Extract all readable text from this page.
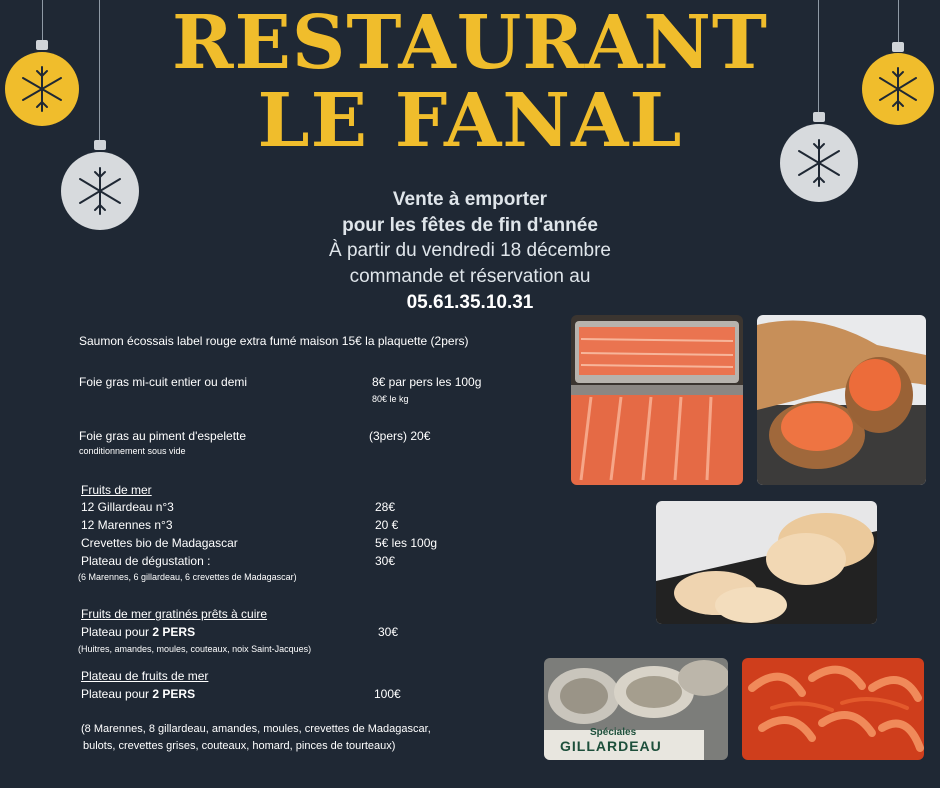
RESTAURANT
LE FANAL
Vente à emporter
pour les fêtes de fin d'année
À partir du vendredi 18 décembre
commande et réservation au
05.61.35.10.31
Saumon écossais label rouge extra fumé maison 15€ la plaquette (2pers)
Foie gras mi-cuit entier ou demi	8€ par pers les 100g
80€ le kg
Foie gras au piment d'espelette	(3pers) 20€
conditionnement sous vide
Fruits de mer
12 Gillardeau n°3	28€
12 Marennes n°3	20 €
Crevettes bio de Madagascar	5€ les 100g
Plateau de dégustation :	30€
(6 Marennes, 6 gillardeau, 6 crevettes de Madagascar)
Fruits de mer gratinés prêts à cuire
Plateau pour 2 PERS	30€
(Huitres, amandes, moules, couteaux, noix Saint-Jacques)
Plateau de fruits de mer
Plateau pour 2 PERS	100€
(8 Marennes, 8 gillardeau, amandes, moules, crevettes de Madagascar,
bulots, crevettes grises, couteaux, homard, pinces de tourteaux)
Spéciales
GILLARDEAU
